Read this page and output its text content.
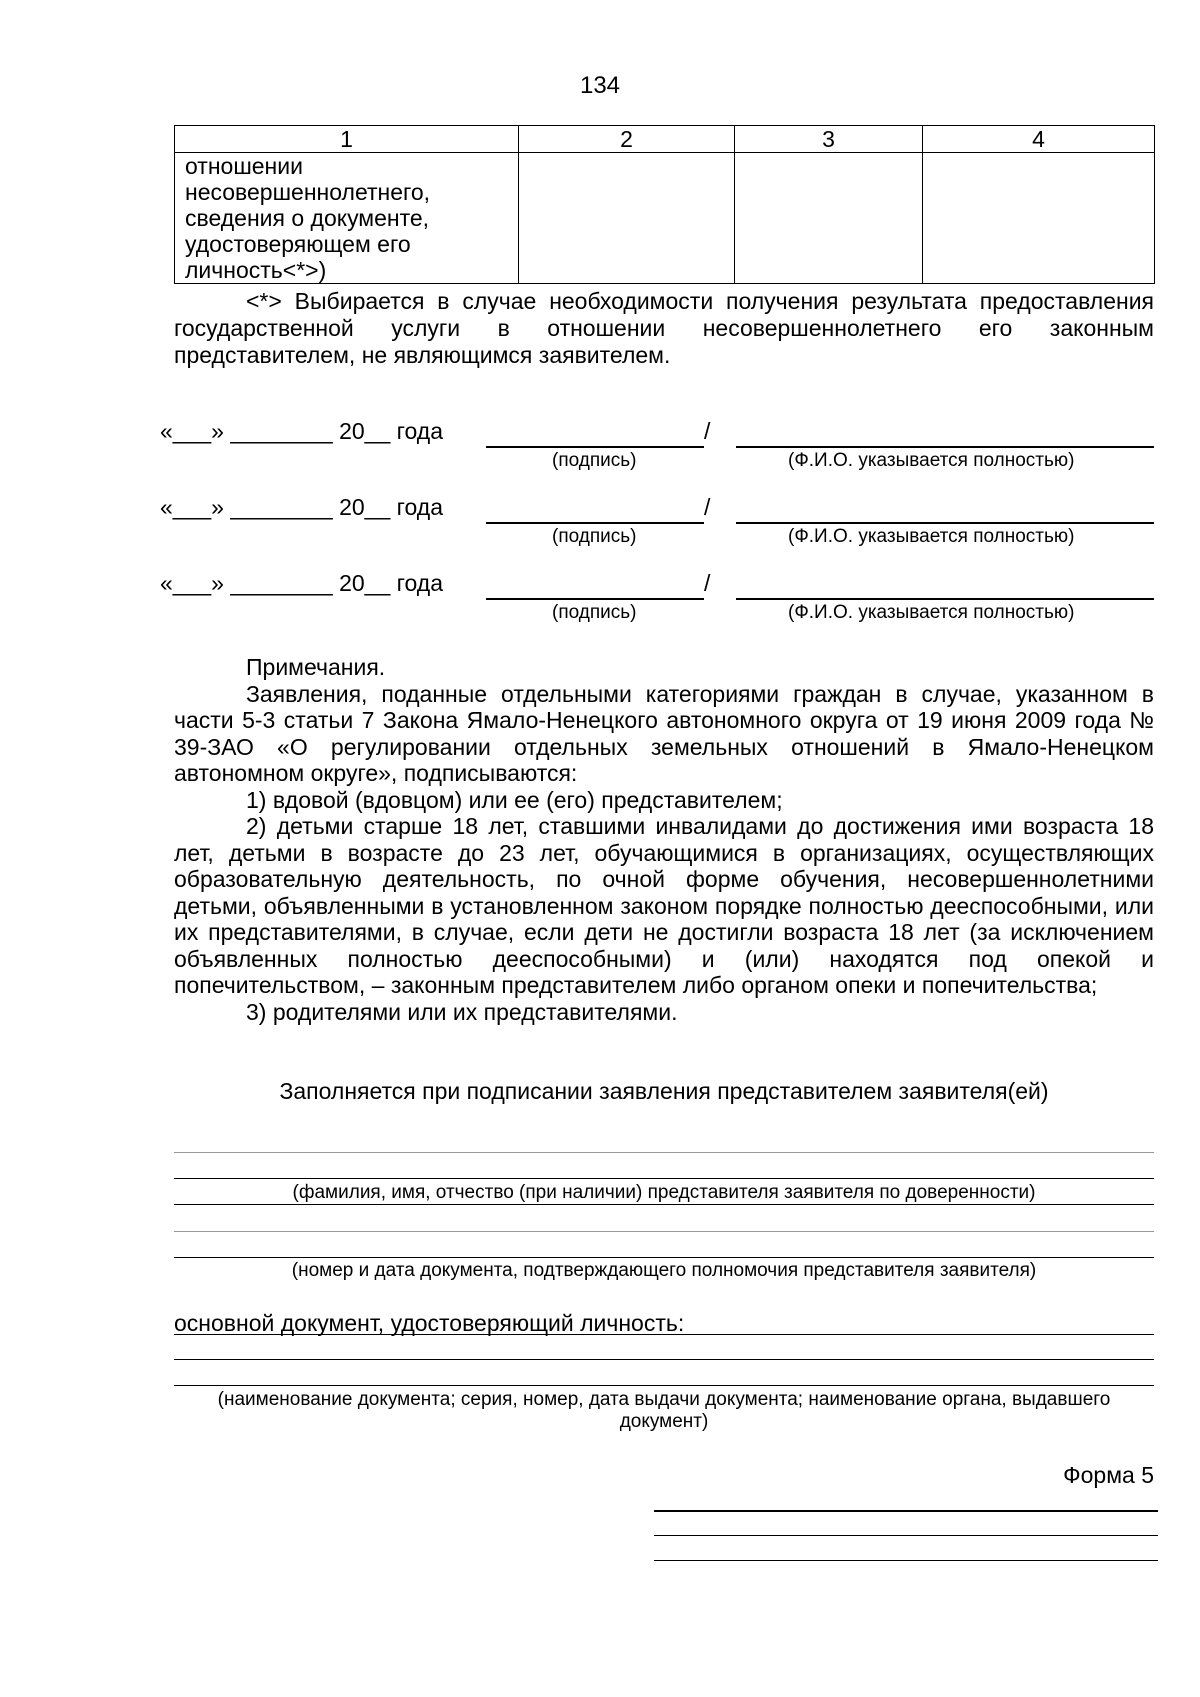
134
1	2	3	4
отношении несовершеннолетнего, сведения о документе, удостоверяющем его личность<*>)			

<*> Выбирается в случае необходимости получения результата предоставления государственной услуги в отношении несовершеннолетнего его законным представителем, не являющимся заявителем.

«___» ________ 20__ года	/
(подпись)	(Ф.И.О. указывается полностью)
«___» ________ 20__ года	/
(подпись)	(Ф.И.О. указывается полностью)
«___» ________ 20__ года	/
(подпись)	(Ф.И.О. указывается полностью)

Примечания.

Заявления, поданные отдельными категориями граждан в случае, указанном в части 5-3 статьи 7 Закона Ямало-Ненецкого автономного округа от 19 июня 2009 года № 39-ЗАО «О регулировании отдельных земельных отношений в Ямало-Ненецком автономном округе», подписываются:

1) вдовой (вдовцом) или ее (его) представителем;

2) детьми старше 18 лет, ставшими инвалидами до достижения ими возраста 18 лет, детьми в возрасте до 23 лет, обучающимися в организациях, осуществляющих образовательную деятельность, по очной форме обучения, несовершеннолетними детьми, объявленными в установленном законом порядке полностью дееспособными, или их представителями, в случае, если дети не достигли возраста 18 лет (за исключением объявленных полностью дееспособными) и (или) находятся под опекой и попечительством, – законным представителем либо органом опеки и попечительства;

3) родителями или их представителями.

Заполняется при подписании заявления представителем заявителя(ей)
(фамилия, имя, отчество (при наличии) представителя заявителя по доверенности)
(номер и дата документа, подтверждающего полномочия представителя заявителя)
основной документ, удостоверяющий личность:
(наименование документа; серия, номер, дата выдачи документа; наименование органа, выдавшего документ)
Форма 5
